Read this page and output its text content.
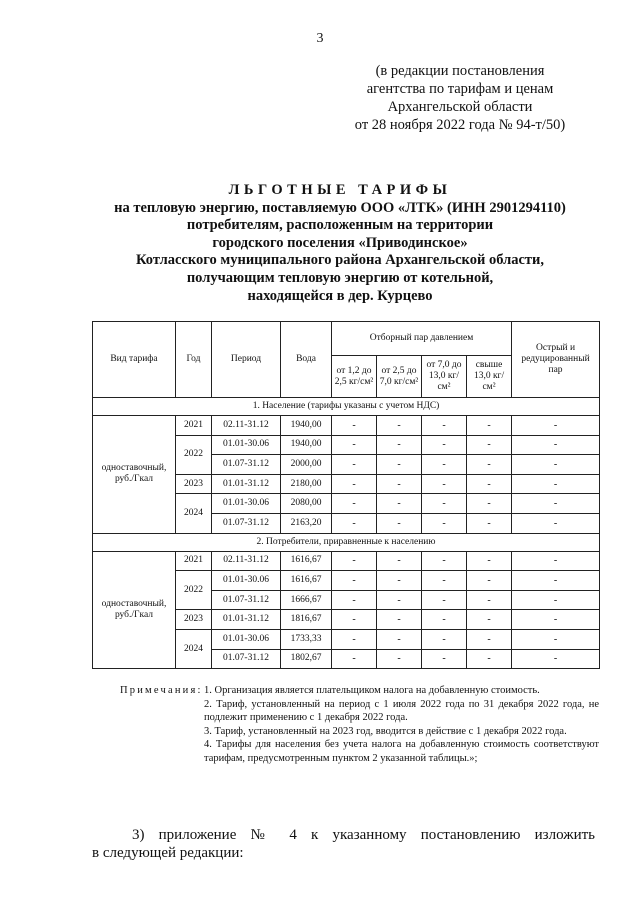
3
(в редакции постановления
агентства по тарифам и ценам
Архангельской области
от 28 ноября 2022 года № 94-т/50)
ЛЬГОТНЫЕ ТАРИФЫ
на тепловую энергию, поставляемую ООО «ЛТК» (ИНН 2901294110)
потребителям, расположенным на территории
городского поселения «Приводинское»
Котласского муниципального района Архангельской области,
получающим тепловую энергию от котельной,
находящейся в дер. Курцево
Вид тарифа	Год	Период	Вода	Отборный пар давлением				Острый и редуцированный пар
				от 1,2 до 2,5 кг/см²	от 2,5 до 7,0 кг/см²	от 7,0 до 13,0 кг/см²	свыше 13,0 кг/см²	
1. Население (тарифы указаны с учетом НДС)								
одноставочный, руб./Гкал	2021	02.11-31.12	1940,00	-	-	-	-	-
	2022	01.01-30.06	1940,00	-	-	-	-	-
		01.07-31.12	2000,00	-	-	-	-	-
	2023	01.01-31.12	2180,00	-	-	-	-	-
	2024	01.01-30.06	2080,00	-	-	-	-	-
		01.07-31.12	2163,20	-	-	-	-	-
2. Потребители, приравненные к населению								
одноставочный, руб./Гкал	2021	02.11-31.12	1616,67	-	-	-	-	-
	2022	01.01-30.06	1616,67	-	-	-	-	-
		01.07-31.12	1666,67	-	-	-	-	-
	2023	01.01-31.12	1816,67	-	-	-	-	-
	2024	01.01-30.06	1733,33	-	-	-	-	-
		01.07-31.12	1802,67	-	-	-	-	-
Примечания: 1. Организация является плательщиком налога на добавленную стоимость.
2. Тариф, установленный на период с 1 июля 2022 года по 31 декабря 2022 года, не подлежит применению с 1 декабря 2022 года.
3. Тариф, установленный на 2023 год, вводится в действие с 1 декабря 2022 года.
4. Тарифы для населения без учета налога на добавленную стоимость соответствуют тарифам, предусмотренным пунктом 2 указанной таблицы.»;
3) приложение № 4 к указанному постановлению изложить
в следующей редакции:
